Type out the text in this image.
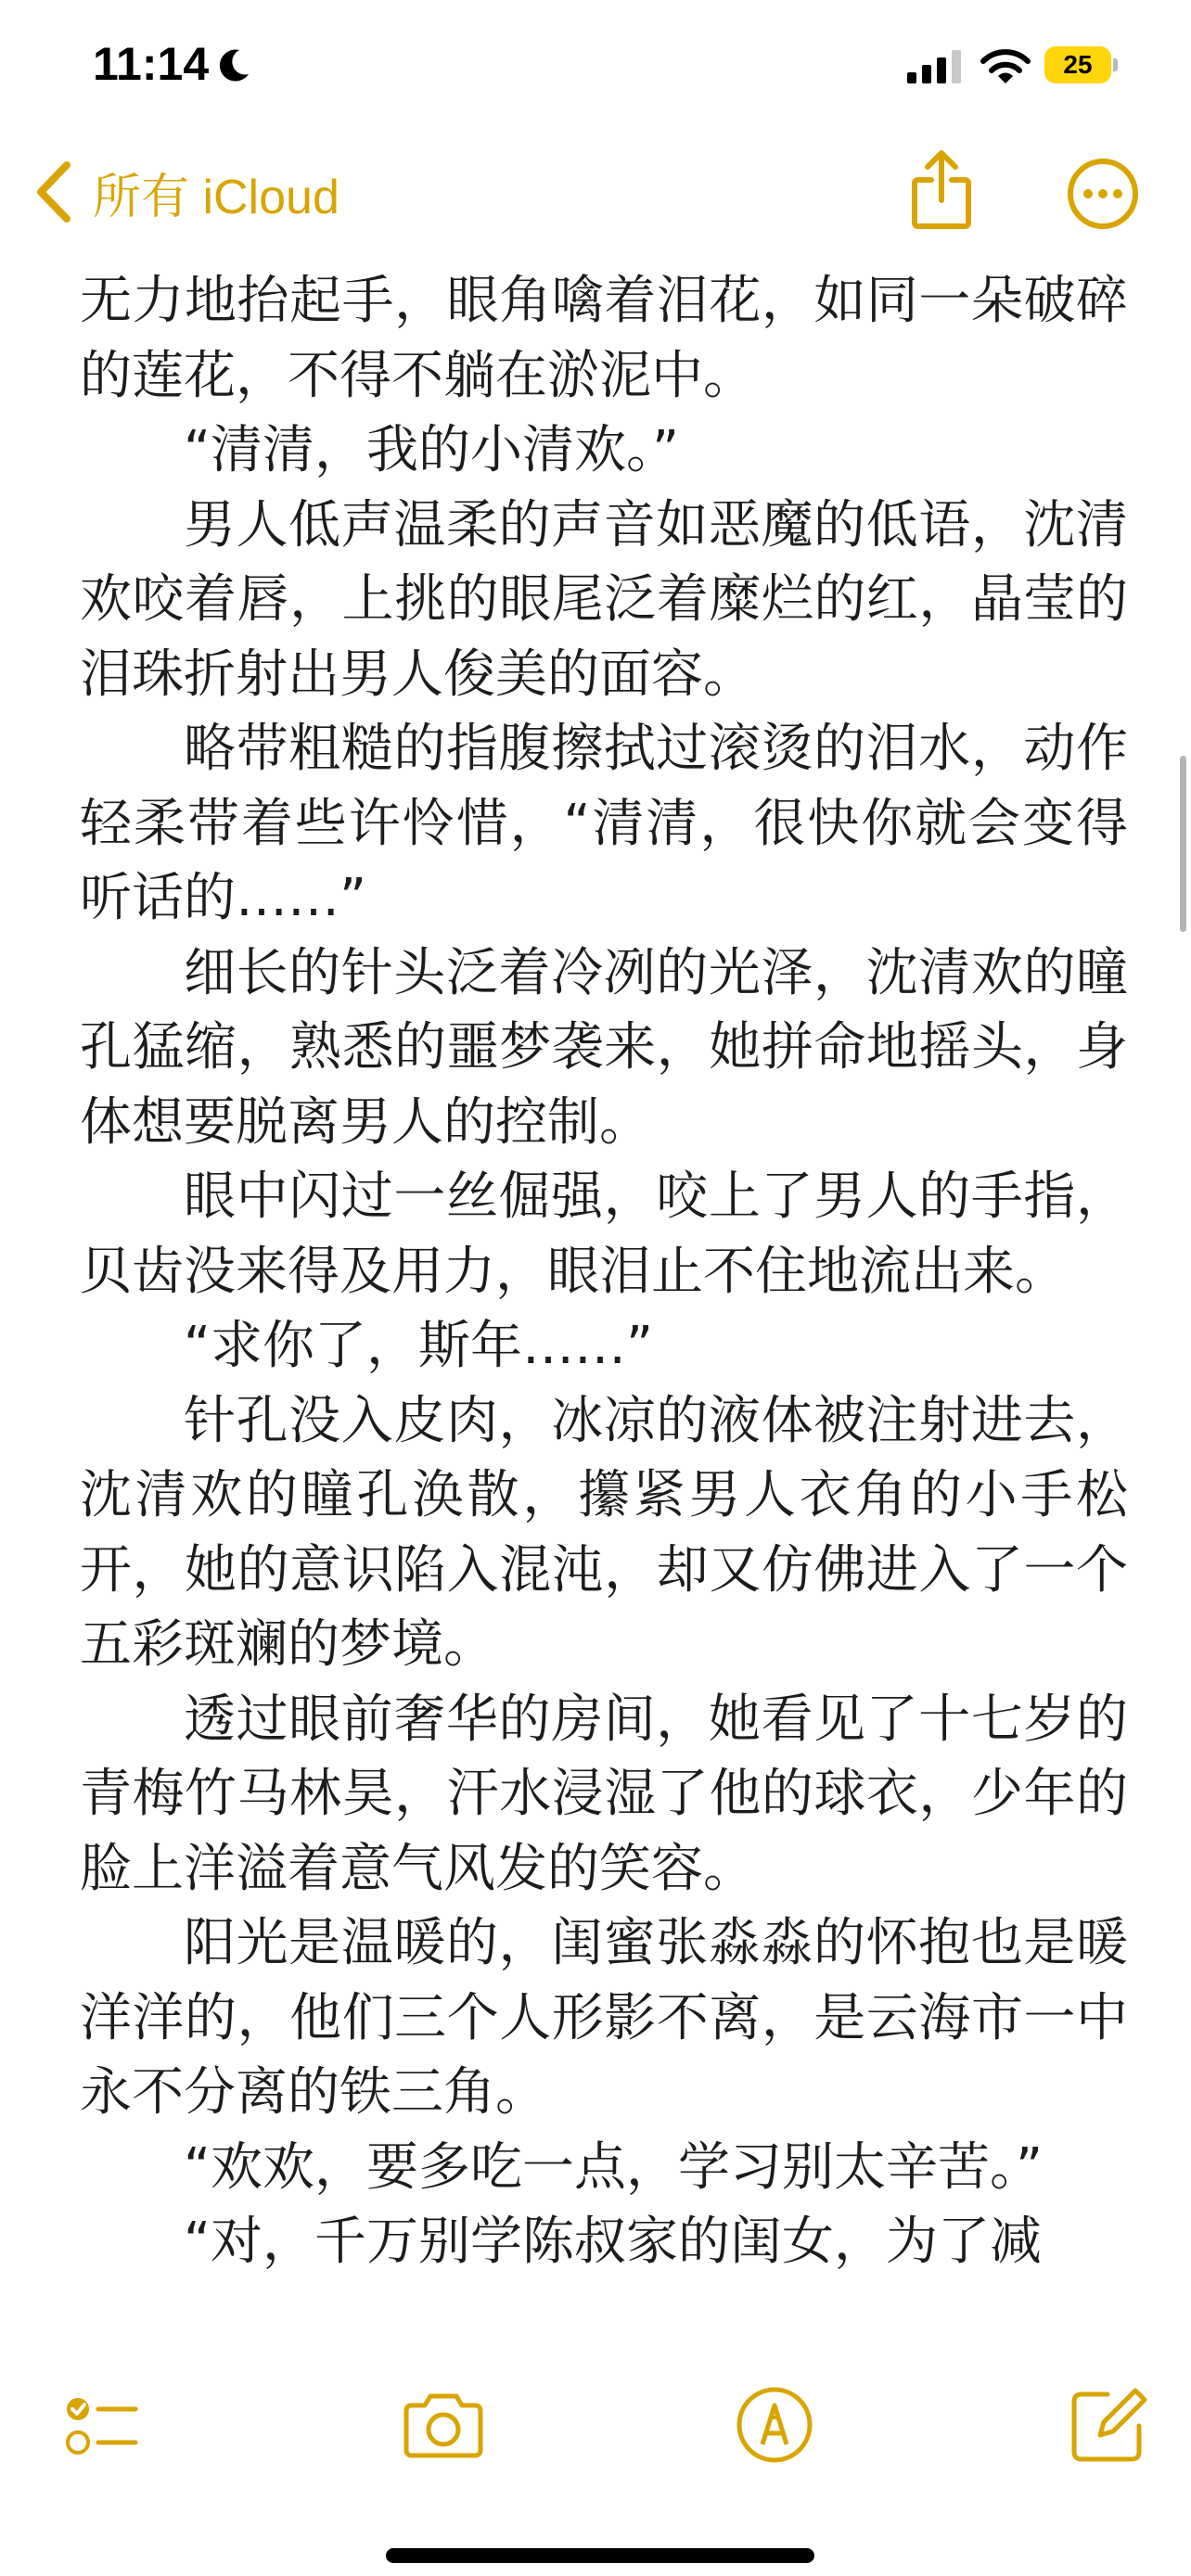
11:14	25
所有 iCloud

无力地抬起手，眼角噙着泪花，如同一朵破碎的莲花，不得不躺在淤泥中。

“清清，我的小清欢。”

男人低声温柔的声音如恶魔的低语，沈清欢咬着唇，上挑的眼尾泛着糜烂的红，晶莹的泪珠折射出男人俊美的面容。

略带粗糙的指腹擦拭过滚烫的泪水，动作轻柔带着些许怜惜，“清清，很快你就会变得听话的……”

细长的针头泛着冷冽的光泽，沈清欢的瞳孔猛缩，熟悉的噩梦袭来，她拼命地摇头，身体想要脱离男人的控制。

眼中闪过一丝倔强，咬上了男人的手指，贝齿没来得及用力，眼泪止不住地流出来。

“求你了，斯年……”

针孔没入皮肉，冰凉的液体被注射进去，沈清欢的瞳孔涣散，攥紧男人衣角的小手松开，她的意识陷入混沌，却又仿佛进入了一个五彩斑斓的梦境。

透过眼前奢华的房间，她看见了十七岁的青梅竹马林昊，汗水浸湿了他的球衣，少年的脸上洋溢着意气风发的笑容。

阳光是温暖的，闺蜜张淼淼的怀抱也是暖洋洋的，他们三个人形影不离，是云海市一中永不分离的铁三角。

“欢欢，要多吃一点，学习别太辛苦。”

“对，千万别学陈叔家的闺女，为了减
